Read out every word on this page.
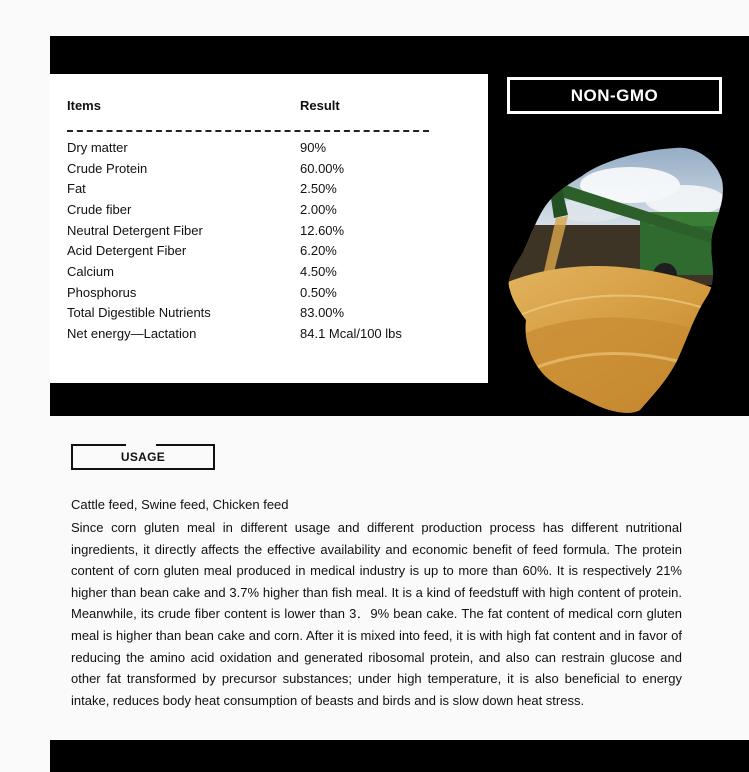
Items	Result
Dry matter	90%
Crude Protein	60.00%
Fat	2.50%
Crude fiber	2.00%
Neutral Detergent Fiber	12.60%
Acid Detergent Fiber	6.20%
Calcium	4.50%
Phosphorus	0.50%
Total Digestible Nutrients	83.00%
Net energy—Lactation	84.1 Mcal/100 lbs
NON-GMO
USAGE
Cattle feed, Swine feed, Chicken feed
Since corn gluten meal in different usage and different production process has different nutritional ingredients, it directly affects the effective availability and economic benefit of feed formula. The protein content of corn gluten meal produced in medical industry is up to more than 60%. It is respectively 21% higher than bean cake and 3.7% higher than fish meal. It is a kind of feedstuff with high content of protein. Meanwhile, its crude fiber content is lower than 3．9% bean cake. The fat content of medical corn gluten meal is higher than bean cake and corn. After it is mixed into feed, it is with high fat content and in favor of reducing the amino acid oxidation and generated ribosomal protein, and also can restrain glucose and other fat transformed by precursor substances; under high temperature, it is also beneficial to energy intake, reduces body heat consumption of beasts and birds and is slow down heat stress.
